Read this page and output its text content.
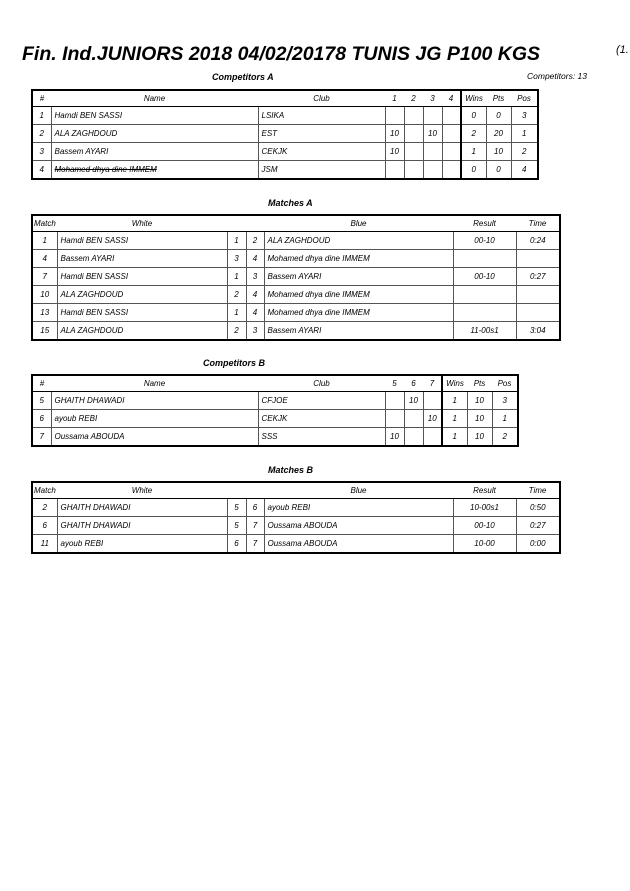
Fin. Ind.JUNIORS 2018 04/02/20178 TUNIS JG P100 KGS	(1.
Competitors A	Competitors: 13
#	Name	Club	1	2	3	4	Wins	Pts	Pos
1	Hamdi BEN SASSI	LSIKA					0	0	3
2	ALA ZAGHDOUD	EST	10		10		2	20	1
3	Bassem AYARI	CEKJK	10				1	10	2
4	Mohamed dhya dine IMMEM	JSM					0	0	4
Matches A
Match	White			Blue	Result	Time
1	Hamdi BEN SASSI	1	2	ALA ZAGHDOUD	00-10	0:24
4	Bassem AYARI	3	4	Mohamed dhya dine IMMEM		
7	Hamdi BEN SASSI	1	3	Bassem AYARI	00-10	0:27
10	ALA ZAGHDOUD	2	4	Mohamed dhya dine IMMEM		
13	Hamdi BEN SASSI	1	4	Mohamed dhya dine IMMEM		
15	ALA ZAGHDOUD	2	3	Bassem AYARI	11-00s1	3:04
Competitors B
#	Name	Club	5	6	7	Wins	Pts	Pos
5	GHAITH DHAWADI	CFJOE		10		1	10	3
6	ayoub REBI	CEKJK			10	1	10	1
7	Oussama ABOUDA	SSS	10			1	10	2
Matches B
Match	White			Blue	Result	Time
2	GHAITH DHAWADI	5	6	ayoub REBI	10-00s1	0:50
6	GHAITH DHAWADI	5	7	Oussama ABOUDA	00-10	0:27
11	ayoub REBI	6	7	Oussama ABOUDA	10-00	0:00
